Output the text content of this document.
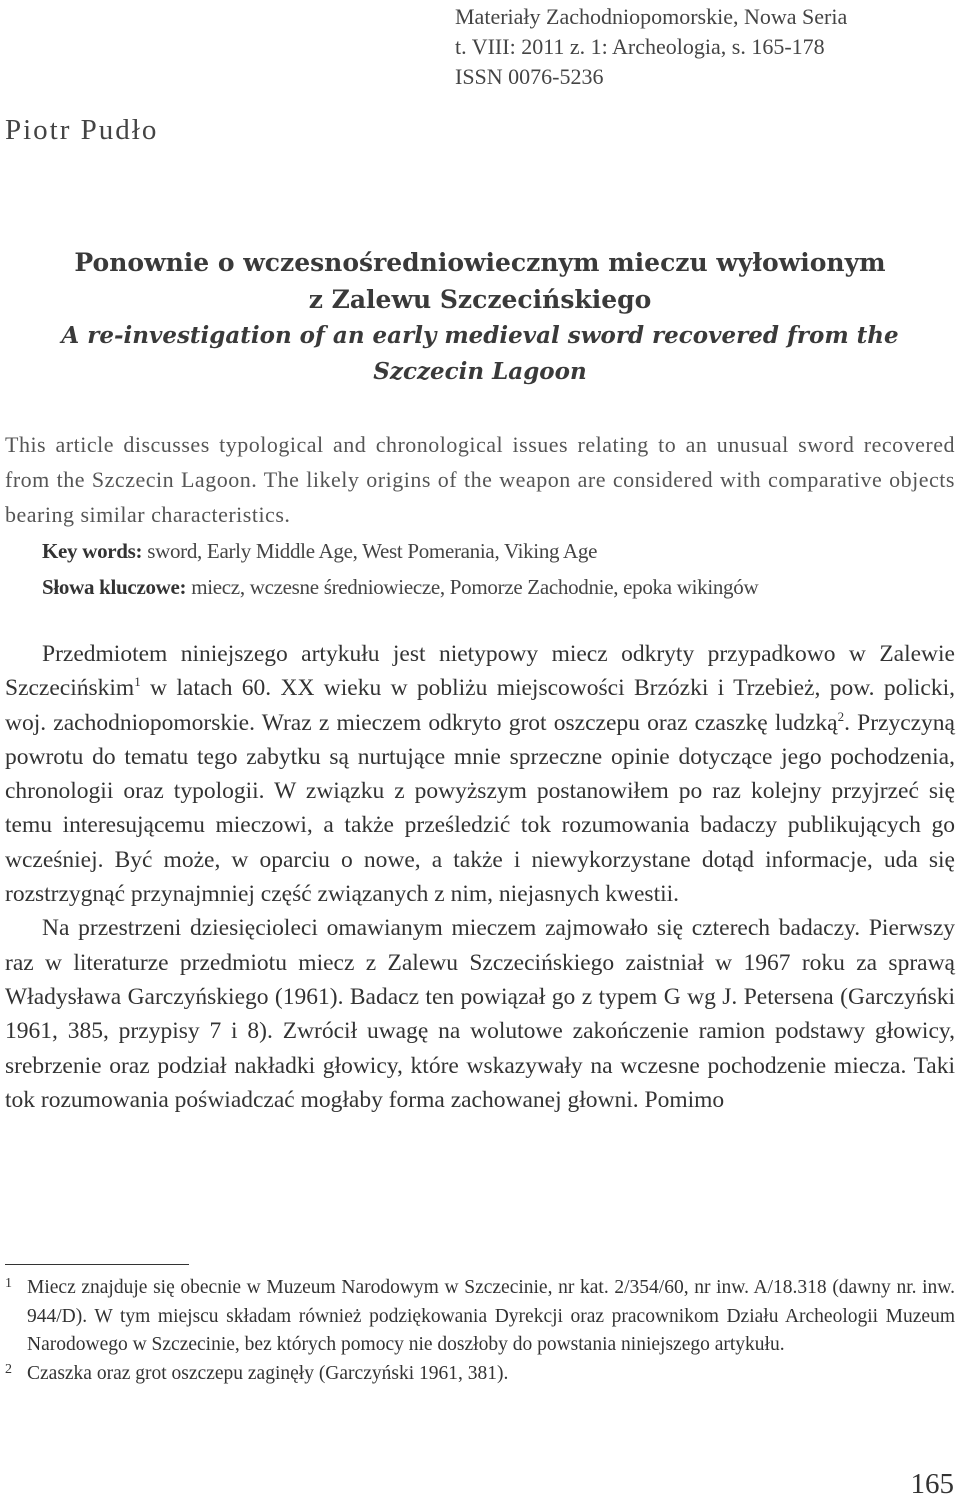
Materiały Zachodniopomorskie, Nowa Seria
t. VIII: 2011 z. 1: Archeologia, s. 165-178
ISSN 0076-5236
Piotr Pudło
Ponownie o wczesnośredniowiecznym mieczu wyłowionym
z Zalewu Szczecińskiego
A re-investigation of an early medieval sword recovered from the
Szczecin Lagoon

This article discusses typological and chronological issues relating to an unusual sword recovered from the Szczecin Lagoon. The likely origins of the weapon are considered with comparative objects bearing similar characteristics.

Key words: sword, Early Middle Age, West Pomerania, Viking Age

Słowa kluczowe: miecz, wczesne średniowiecze, Pomorze Zachodnie, epoka wikingów

Przedmiotem niniejszego artykułu jest nietypowy miecz odkryty przypadkowo w Zalewie Szczecińskim$^1$ w latach 60. XX wieku w pobliżu miejscowości Brzózki i Trzebież, pow. policki, woj. zachodniopomorskie. Wraz z mieczem odkryto grot oszczepu oraz czaszkę ludzką$^2$. Przyczyną powrotu do tematu tego zabytku są nurtujące mnie sprzeczne opinie dotyczące jego pochodzenia, chronologii oraz typologii. W związku z powyższym postanowiłem po raz kolejny przyjrzeć się temu interesującemu mieczowi, a także prześledzić tok rozumowania badaczy publikujących go wcześniej. Być może, w oparciu o nowe, a także i niewykorzystane dotąd informacje, uda się rozstrzygnąć przynajmniej część związanych z nim, niejasnych kwestii.

Na przestrzeni dziesięcioleci omawianym mieczem zajmowało się czterech badaczy. Pierwszy raz w literaturze przedmiotu miecz z Zalewu Szczecińskiego zaistniał w 1967 roku za sprawą Władysława Garczyńskiego (1961). Badacz ten powiązał go z typem G wg J. Petersena (Garczyński 1961, 385, przypisy 7 i 8). Zwrócił uwagę na wolutowe zakończenie ramion podstawy głowicy, srebrzenie oraz podział nakładki głowicy, które wskazywały na wczesne pochodzenie miecza. Taki tok rozumowania poświadczać mogłaby forma zachowanej głowni. Pomimo

1 Miecz znajduje się obecnie w Muzeum Narodowym w Szczecinie, nr kat. 2/354/60, nr inw. A/18.318 (dawny nr. inw. 944/D). W tym miejscu składam również podziękowania Dyrekcji oraz pracownikom Działu Archeologii Muzeum Narodowego w Szczecinie, bez których pomocy nie doszłoby do powstania niniejszego artykułu.
2 Czaszka oraz grot oszczepu zaginęły (Garczyński 1961, 381).
165
